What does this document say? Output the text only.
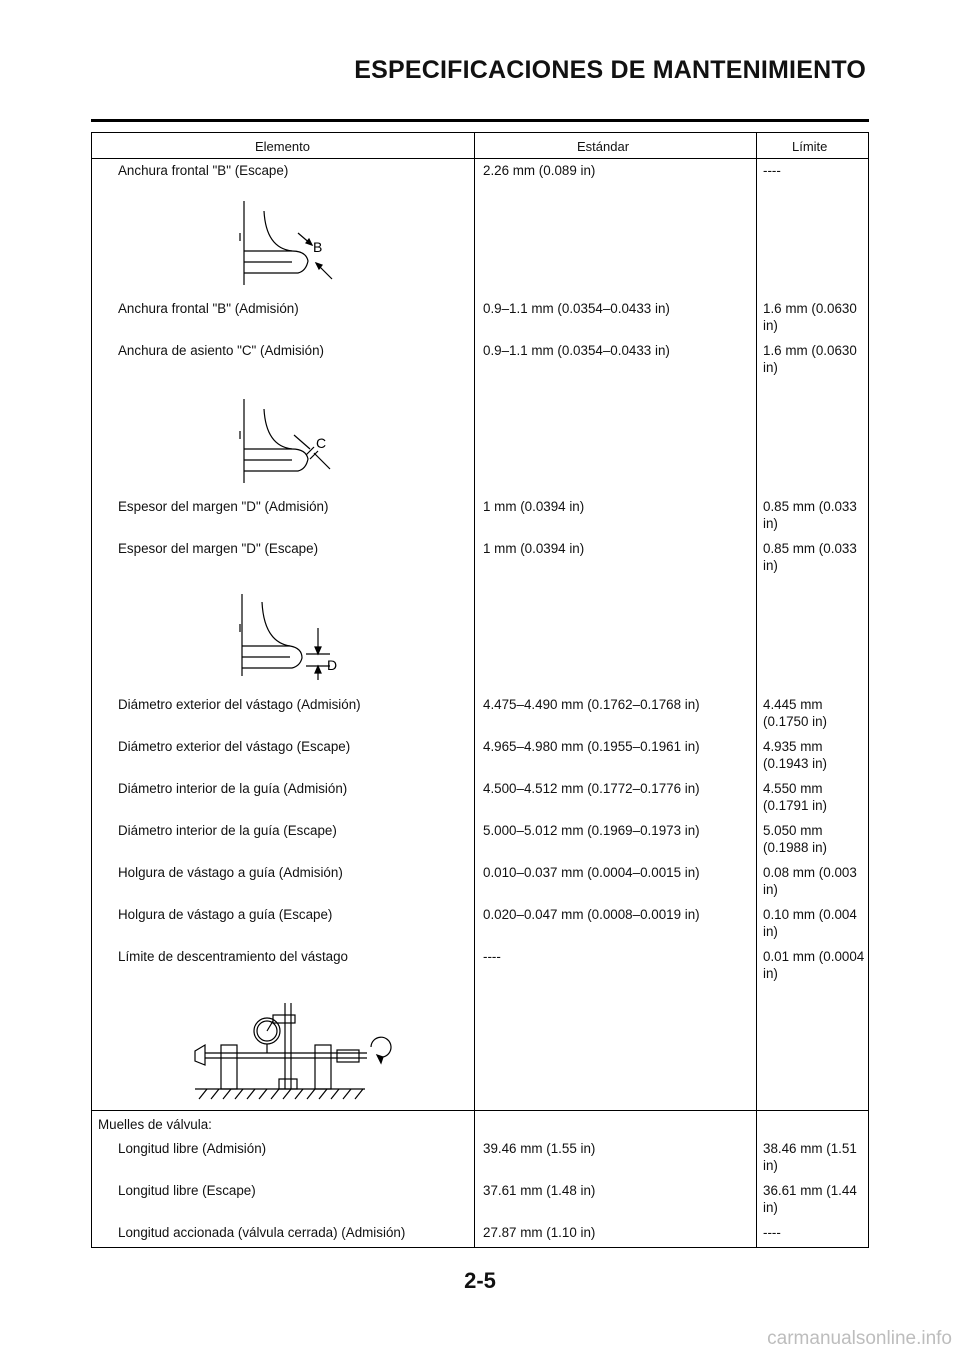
ESPECIFICACIONES DE MANTENIMIENTO
Elemento	Estándar	Límite
Anchura frontal "B" (Escape)	2.26 mm (0.089 in)	----
Anchura frontal "B" (Admisión)	0.9–1.1 mm (0.0354–0.0433 in)	1.6 mm (0.0630 in)
Anchura de asiento "C" (Admisión)	0.9–1.1 mm (0.0354–0.0433 in)	1.6 mm (0.0630 in)
Espesor del margen "D" (Admisión)	1 mm (0.0394 in)	0.85 mm (0.033 in)
Espesor del margen "D" (Escape)	1 mm (0.0394 in)	0.85 mm (0.033 in)
Diámetro exterior del vástago (Admisión)	4.475–4.490 mm (0.1762–0.1768 in)	4.445 mm (0.1750 in)
Diámetro exterior del vástago (Escape)	4.965–4.980 mm (0.1955–0.1961 in)	4.935 mm (0.1943 in)
Diámetro interior de la guía (Admisión)	4.500–4.512 mm (0.1772–0.1776 in)	4.550 mm (0.1791 in)
Diámetro interior de la guía (Escape)	5.000–5.012 mm (0.1969–0.1973 in)	5.050 mm (0.1988 in)
Holgura de vástago a guía (Admisión)	0.010–0.037 mm (0.0004–0.0015 in)	0.08 mm (0.003 in)
Holgura de vástago a guía (Escape)	0.020–0.047 mm (0.0008–0.0019 in)	0.10 mm (0.004 in)
Límite de descentramiento del vástago	----	0.01 mm (0.0004 in)
Muelles de válvula:
Longitud libre (Admisión)	39.46 mm (1.55 in)	38.46 mm (1.51 in)
Longitud libre (Escape)	37.61 mm (1.48 in)	36.61 mm (1.44 in)
Longitud accionada (válvula cerrada) (Admisión)	27.87 mm (1.10 in)	----
B
C
D
2-5
carmanualsonline.info
